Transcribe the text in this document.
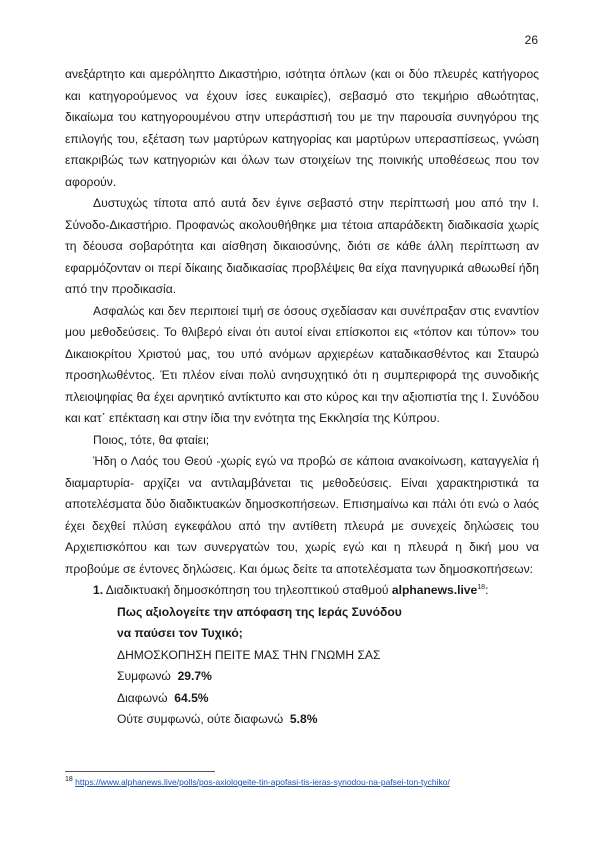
26

ανεξάρτητο και αμερόληπτο Δικαστήριο, ισότητα όπλων (και οι δύο πλευρές κατήγορος και κατηγορούμενος να έχουν ίσες ευκαιρίες), σεβασμό στο τεκμήριο αθωότητας, δικαίωμα του κατηγορουμένου στην υπεράσπισή του με την παρουσία συνηγόρου της επιλογής του, εξέταση των μαρτύρων κατηγορίας και μαρτύρων υπερασπίσεως, γνώση επακριβώς των κατηγοριών και όλων των στοιχείων της ποινικής υποθέσεως που τον αφορούν.

Δυστυχώς τίποτα από αυτά δεν έγινε σεβαστό στην περίπτωσή μου από την Ι. Σύνοδο-Δικαστήριο. Προφανώς ακολουθήθηκε μια τέτοια απαράδεκτη διαδικασία χωρίς τη δέουσα σοβαρότητα και αίσθηση δικαιοσύνης, διότι σε κάθε άλλη περίπτωση αν εφαρμόζονταν οι περί δίκαιης διαδικασίας προβλέψεις θα είχα πανηγυρικά αθωωθεί ήδη από την προδικασία.

Ασφαλώς και δεν περιποιεί τιμή σε όσους σχεδίασαν και συνέπραξαν στις εναντίον μου μεθοδεύσεις. Το θλιβερό είναι ότι αυτοί είναι επίσκοποι εις «τόπον και τύπον» του Δικαιοκρίτου Χριστού μας, του υπό ανόμων αρχιερέων καταδικασθέντος και Σταυρώ προσηλωθέντος. Έτι πλέον είναι πολύ ανησυχητικό ότι η συμπεριφορά της συνοδικής πλειοψηφίας θα έχει αρνητικό αντίκτυπο και στο κύρος και την αξιοπιστία της Ι. Συνόδου και κατ΄ επέκταση και στην ίδια την ενότητα της Εκκλησία της Κύπρου.

Ποιος, τότε, θα φταίει;

Ήδη ο Λαός του Θεού -χωρίς εγώ να προβώ σε κάποια ανακοίνωση, καταγγελία ή διαμαρτυρία- αρχίζει να αντιλαμβάνεται τις μεθοδεύσεις. Είναι χαρακτηριστικά τα αποτελέσματα δύο διαδικτυακών δημοσκοπήσεων. Επισημαίνω και πάλι ότι ενώ ο λαός έχει δεχθεί πλύση εγκεφάλου από την αντίθετη πλευρά με συνεχείς δηλώσεις του Αρχιεπισκόπου και των συνεργατών του, χωρίς εγώ και η πλευρά η δική μου να προβούμε σε έντονες δηλώσεις. Και όμως δείτε τα αποτελέσματα των δημοσκοπήσεων:

1. Διαδικτυακή δημοσκόπηση του τηλεοπτικού σταθμού alphanews.live$^{18}$:

Πως αξιολογείτε την απόφαση της Ιεράς Συνόδου

να παύσει τον Τυχικό;

ΔΗΜΟΣΚΟΠΗΣΗ ΠΕΙΤΕ ΜΑΣ ΤΗΝ ΓΝΩΜΗ ΣΑΣ

Συμφωνώ 29.7%

Διαφωνώ 64.5%

Ούτε συμφωνώ, ούτε διαφωνώ 5.8%

$^{18}$ https://www.alphanews.live/polls/pos-axiologeite-tin-apofasi-tis-ieras-synodou-na-pafsei-ton-tychiko/
